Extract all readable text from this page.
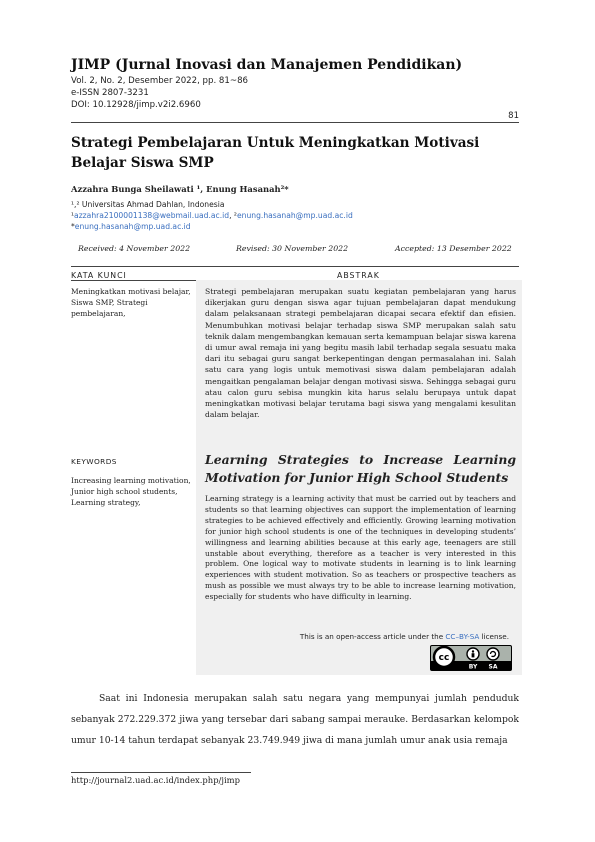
JIMP (Jurnal Inovasi dan Manajemen Pendidikan)
Vol. 2, No. 2, Desember 2022, pp. 81~86
e-ISSN 2807-3231
DOI: 10.12928/jimp.v2i2.6960
81
Strategi Pembelajaran Untuk Meningkatkan Motivasi Belajar Siswa SMP
Azzahra Bunga Sheilawati ¹, Enung Hasanah²*
¹,² Universitas Ahmad Dahlan, Indonesia
¹azzahra2100001138@webmail.uad.ac.id, ²enung.hasanah@mp.uad.ac.id
*enung.hasanah@mp.uad.ac.id
Received: 4 November 2022	Revised: 30 November 2022	Accepted: 13 Desember 2022
KATA KUNCI	ABSTRAK
Meningkatkan motivasi belajar, Siswa SMP, Strategi pembelajaran,
KEYWORDS
Increasing learning motivation, Junior high school students, Learning strategy,
Strategi pembelajaran merupakan suatu kegiatan pembelajaran yang harus dikerjakan guru dengan siswa agar tujuan pembelajaran dapat mendukung dalam pelaksanaan strategi pembelajaran dicapai secara efektif dan efisien. Menumbuhkan motivasi belajar terhadap siswa SMP merupakan salah satu teknik dalam mengembangkan kemauan serta kemampuan belajar siswa karena di umur awal remaja ini yang begitu masih labil terhadap segala sesuatu maka dari itu sebagai guru sangat berkepentingan dengan permasalahan ini. Salah satu cara yang logis untuk memotivasi siswa dalam pembelajaran adalah mengaitkan pengalaman belajar dengan motivasi siswa. Sehingga sebagai guru atau calon guru sebisa mungkin kita harus selalu berupaya untuk dapat meningkatkan motivasi belajar terutama bagi siswa yang mengalami kesulitan dalam belajar.
Learning Strategies to Increase Learning Motivation for Junior High School Students
Learning strategy is a learning activity that must be carried out by teachers and students so that learning objectives can support the implementation of learning strategies to be achieved effectively and efficiently. Growing learning motivation for junior high school students is one of the techniques in developing students’ willingness and learning abilities because at this early age, teenagers are still unstable about everything, therefore as a teacher is very interested in this problem. One logical way to motivate students in learning is to link learning experiences with student motivation. So as teachers or prospective teachers as mush as possible we must always try to be able to increase learning motivation, especially for students who have difficulty in learning.
This is an open-access article under the CC–BY-SA license.
cc
BY SA
Saat ini Indonesia merupakan salah satu negara yang mempunyai jumlah penduduk sebanyak 272.229.372 jiwa yang tersebar dari sabang sampai merauke. Berdasarkan kelompok umur 10-14 tahun terdapat sebanyak 23.749.949 jiwa di mana jumlah umur anak usia remaja
http://journal2.uad.ac.id/index.php/jimp
